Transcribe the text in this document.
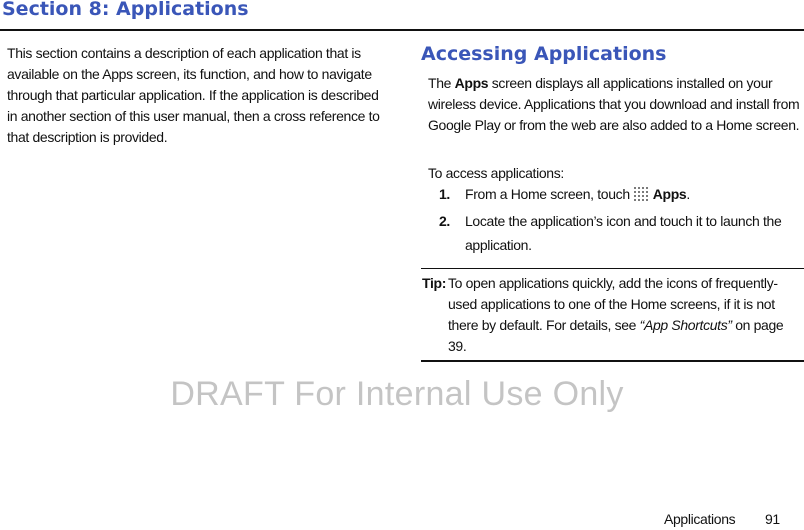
Section 8: Applications

This section contains a description of each application that is available on the Apps screen, its function, and how to navigate through that particular application. If the application is described in another section of this user manual, then a cross reference to that description is provided.

Accessing Applications

The Apps screen displays all applications installed on your wireless device. Applications that you download and install from Google Play or from the web are also added to a Home screen.

To access applications:

1. From a Home screen, touch Apps.
2. Locate the application’s icon and touch it to launch the application.

Tip: To open applications quickly, add the icons of frequently-used applications to one of the Home screens, if it is not there by default. For details, see “App Shortcuts” on page 39.

DRAFT For Internal Use Only

Applications 91
